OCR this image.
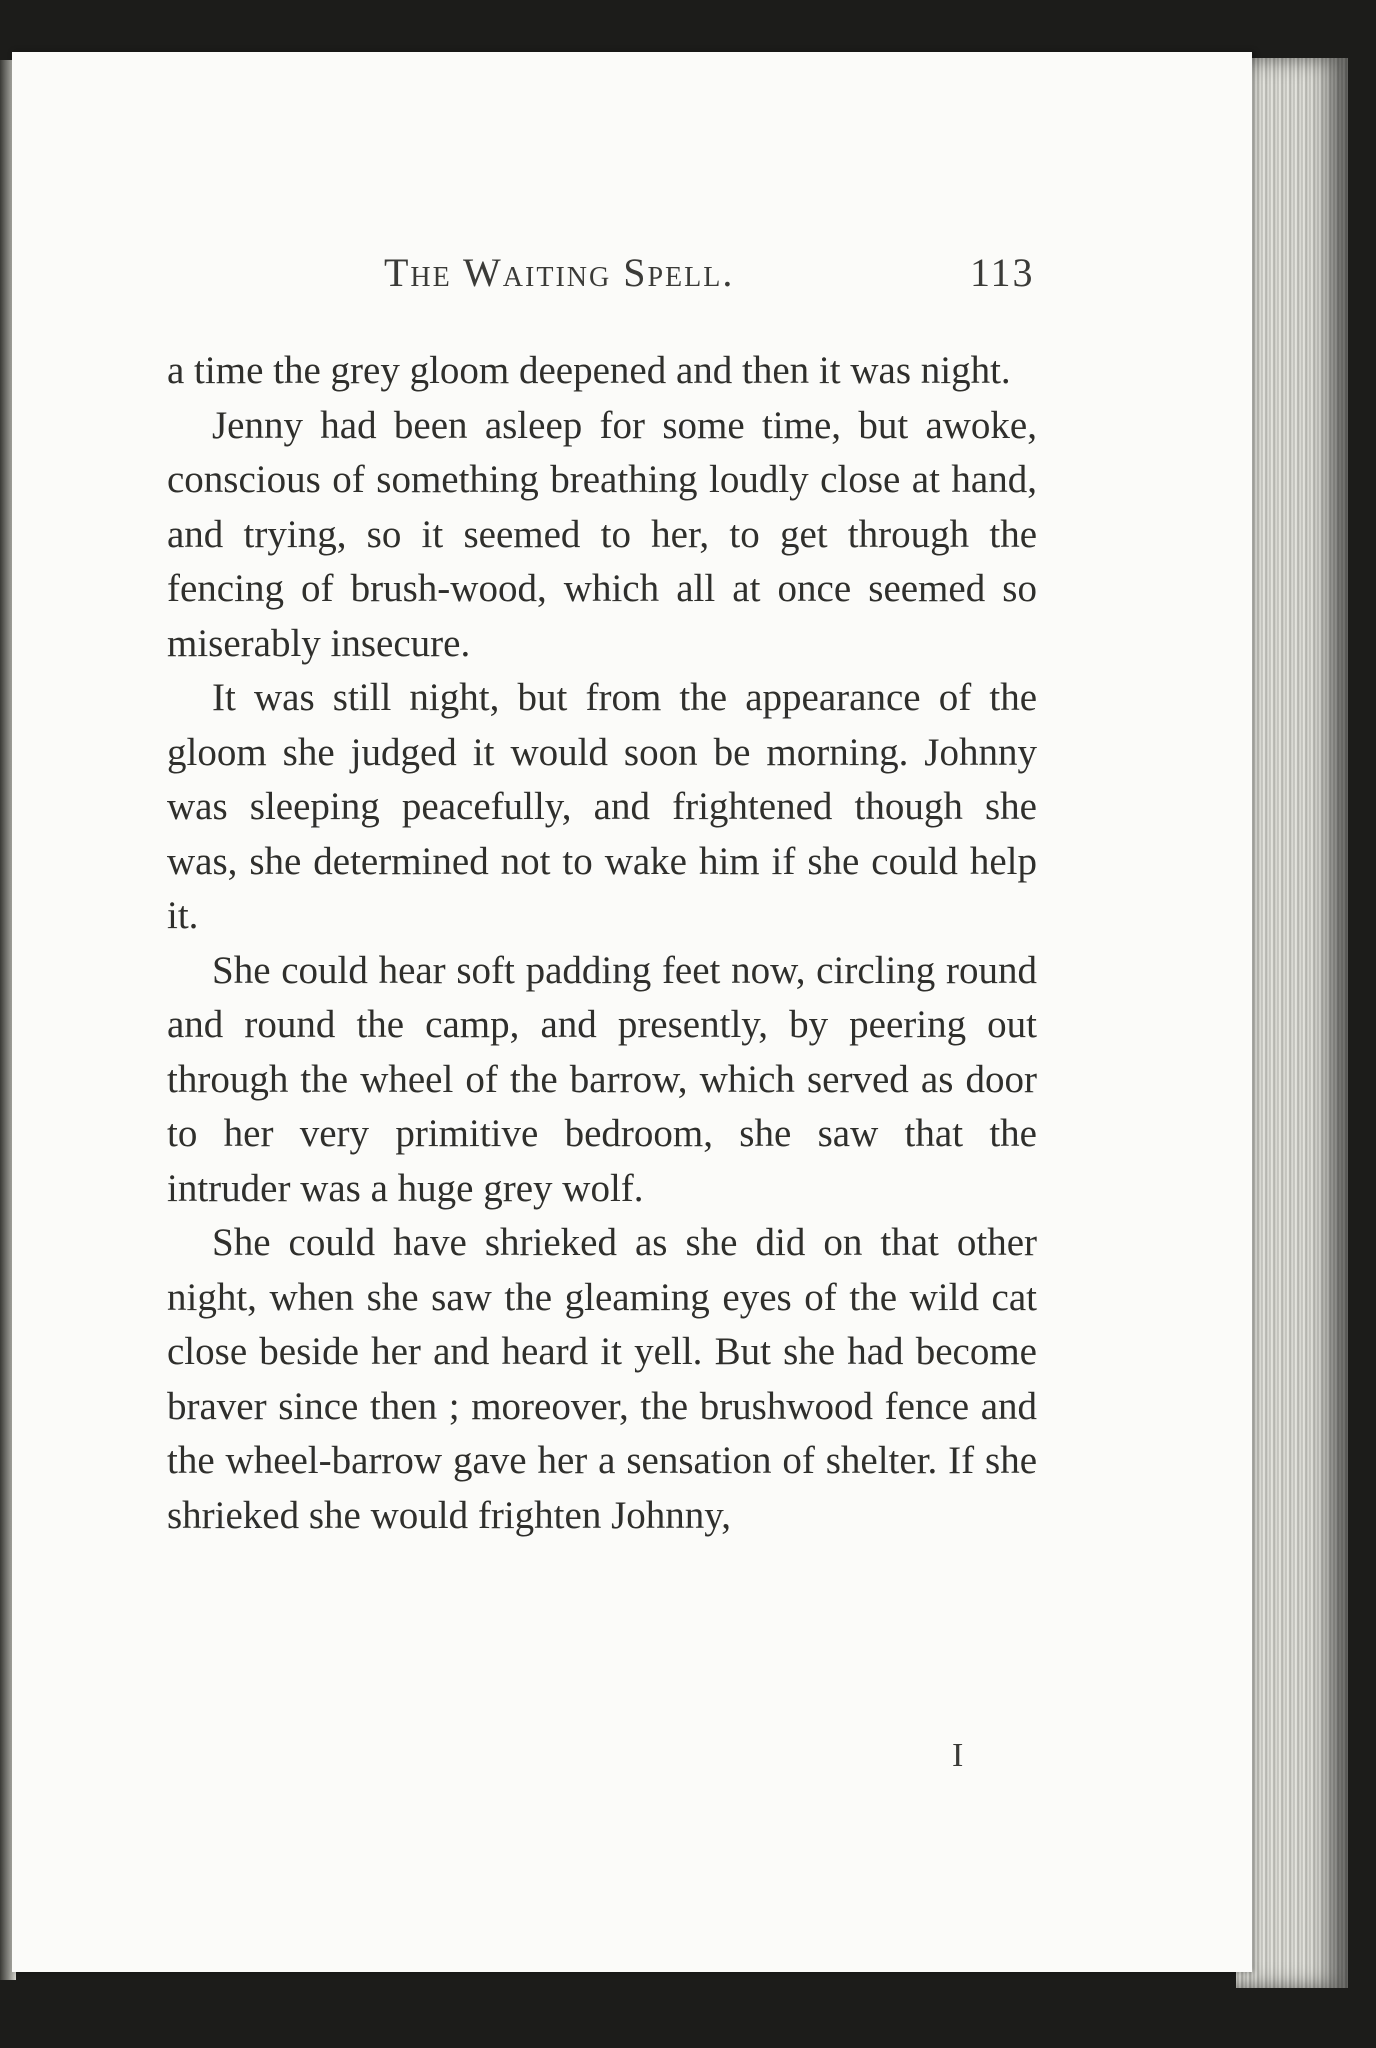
The Waiting Spell.	113

a time the grey gloom deepened and then it was night.

Jenny had been asleep for some time, but awoke, conscious of something breathing loudly close at hand, and trying, so it seemed to her, to get through the fencing of brush-wood, which all at once seemed so miserably insecure.

It was still night, but from the appearance of the gloom she judged it would soon be morning. Johnny was sleeping peacefully, and frightened though she was, she determined not to wake him if she could help it.

She could hear soft padding feet now, circling round and round the camp, and presently, by peering out through the wheel of the barrow, which served as door to her very primitive bedroom, she saw that the intruder was a huge grey wolf.

She could have shrieked as she did on that other night, when she saw the gleaming eyes of the wild cat close beside her and heard it yell. But she had become braver since then ; moreover, the brushwood fence and the wheel-barrow gave her a sensation of shelter. If she shrieked she would frighten Johnny,

I
